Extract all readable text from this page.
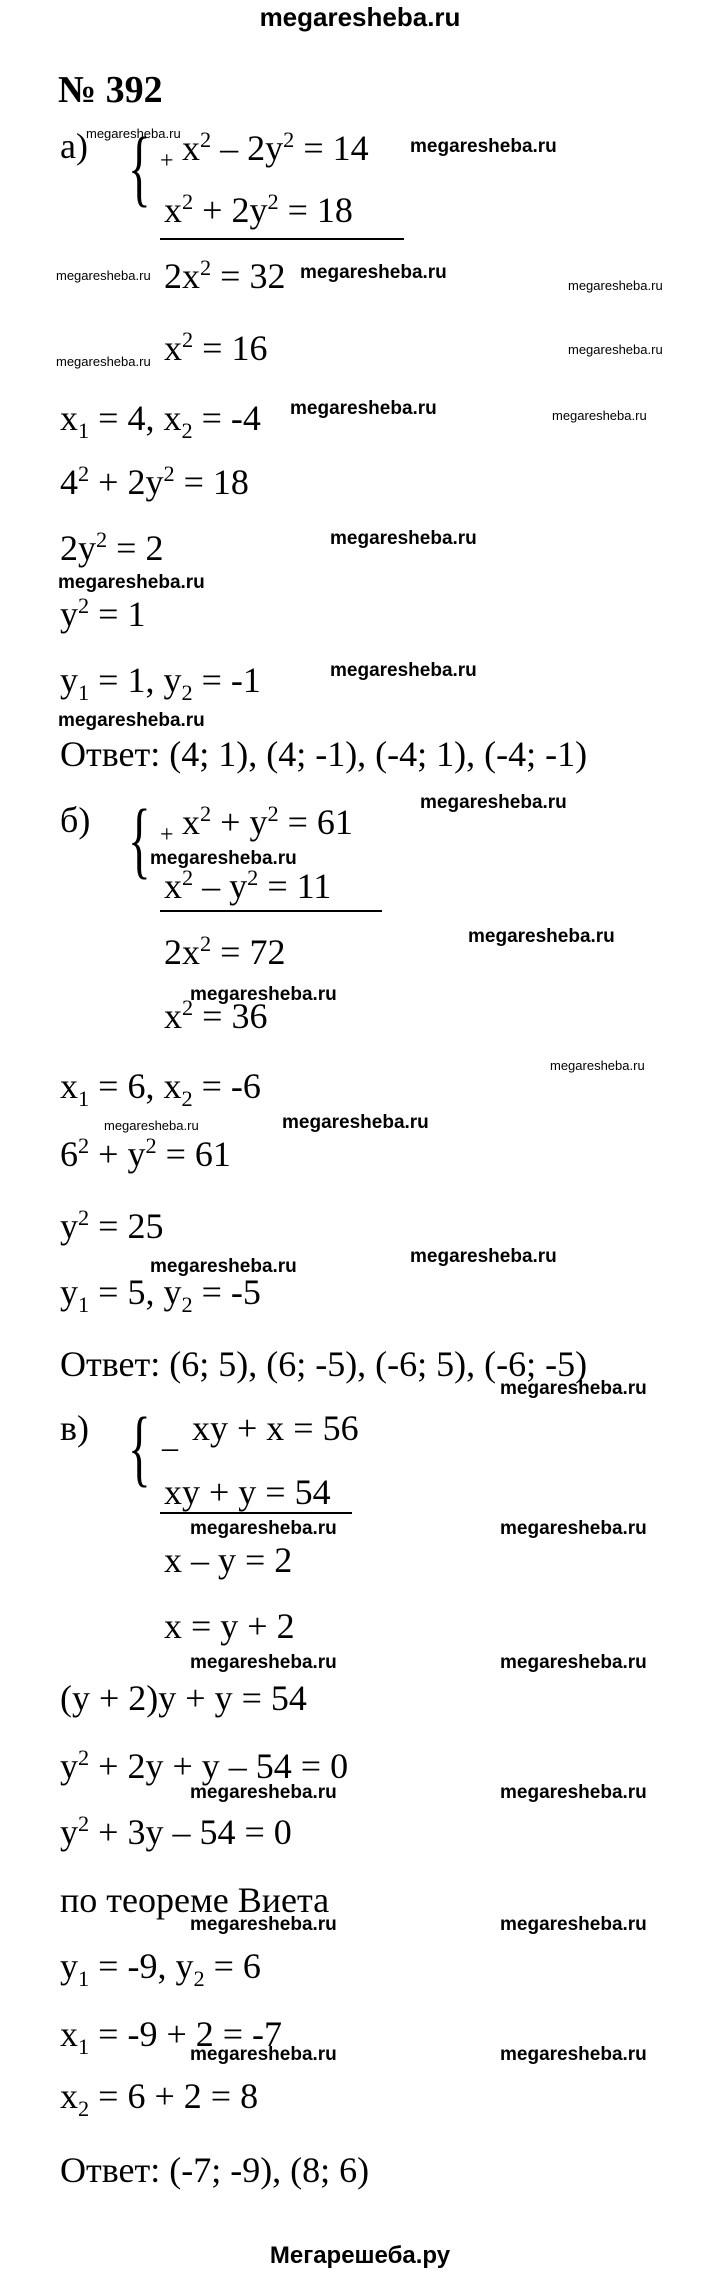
megaresheba.ru
№ 392
а) { + $x^2 - 2y^2 = 14$
$x^2 + 2y^2 = 18$
$2x^2 = 32$
$x^2 = 16$
$x_1 = 4$, $x_2 = -4$
$4^2 + 2y^2 = 18$
$2y^2 = 2$
$y^2 = 1$
$y_1 = 1$, $y_2 = -1$
Ответ: (4; 1), (4; -1), (-4; 1), (-4; -1)
б) { + $x^2 + y^2 = 61$
$x^2 - y^2 = 11$
$2x^2 = 72$
$x^2 = 36$
$x_1 = 6$, $x_2 = -6$
$6^2 + y^2 = 61$
$y^2 = 25$
$y_1 = 5$, $y_2 = -5$
Ответ: (6; 5), (6; -5), (-6; 5), (-6; -5)
в) { _ xy + x = 56
xy + y = 54
x – y = 2
x = y + 2
(y + 2)y + y = 54
$y^2 + 2y + y - 54 = 0$
$y^2 + 3y - 54 = 0$
по теореме Виета
$y_1 = -9$, $y_2 = 6$
$x_1 = -9 + 2 = -7$
$x_2 = 6 + 2 = 8$
Ответ: (-7; -9), (8; 6)
megaresheba.ru
megaresheba.ru
megaresheba.ru	megaresheba.ru
megaresheba.ru
megaresheba.ru
megaresheba.ru
megaresheba.ru	megaresheba.ru
megaresheba.ru
megaresheba.ru
megaresheba.ru
megaresheba.ru
megaresheba.ru
megaresheba.ru
megaresheba.ru
megaresheba.ru
megaresheba.ru
megaresheba.ru	megaresheba.ru
megaresheba.ru	megaresheba.ru
megaresheba.ru
megaresheba.ru	megaresheba.ru
megaresheba.ru	megaresheba.ru
megaresheba.ru	megaresheba.ru
megaresheba.ru	megaresheba.ru
megaresheba.ru	megaresheba.ru
Мегарешеба.ру
